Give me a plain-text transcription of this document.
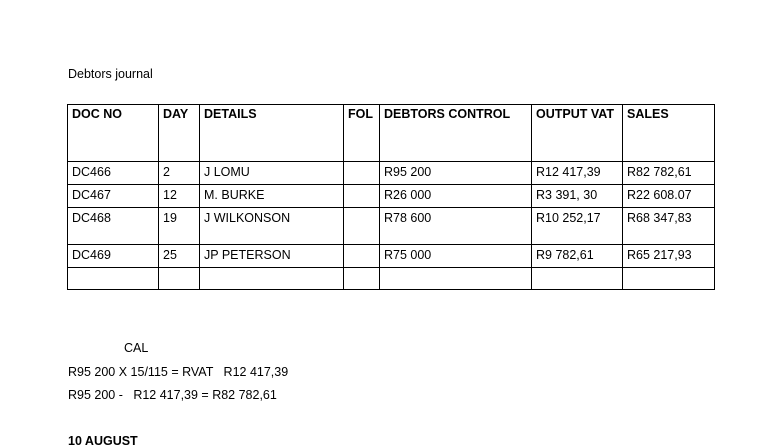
Debtors journal
DOC NO	DAY	DETAILS	FOL	DEBTORS CONTROL	OUTPUT VAT	SALES
DC466	2	J LOMU		R95 200	R12 417,39	R82 782,61
DC467	12	M. BURKE		R26 000	R3 391, 30	R22 608.07
DC468	19	J WILKONSON		R78 600	R10 252,17	R68 347,83
DC469	25	JP PETERSON		R75 000	R9 782,61	R65 217,93

CAL
R95 200 X 15/115 = RVAT   R12 417,39
R95 200 -   R12 417,39 = R82 782,61
10 AUGUST
